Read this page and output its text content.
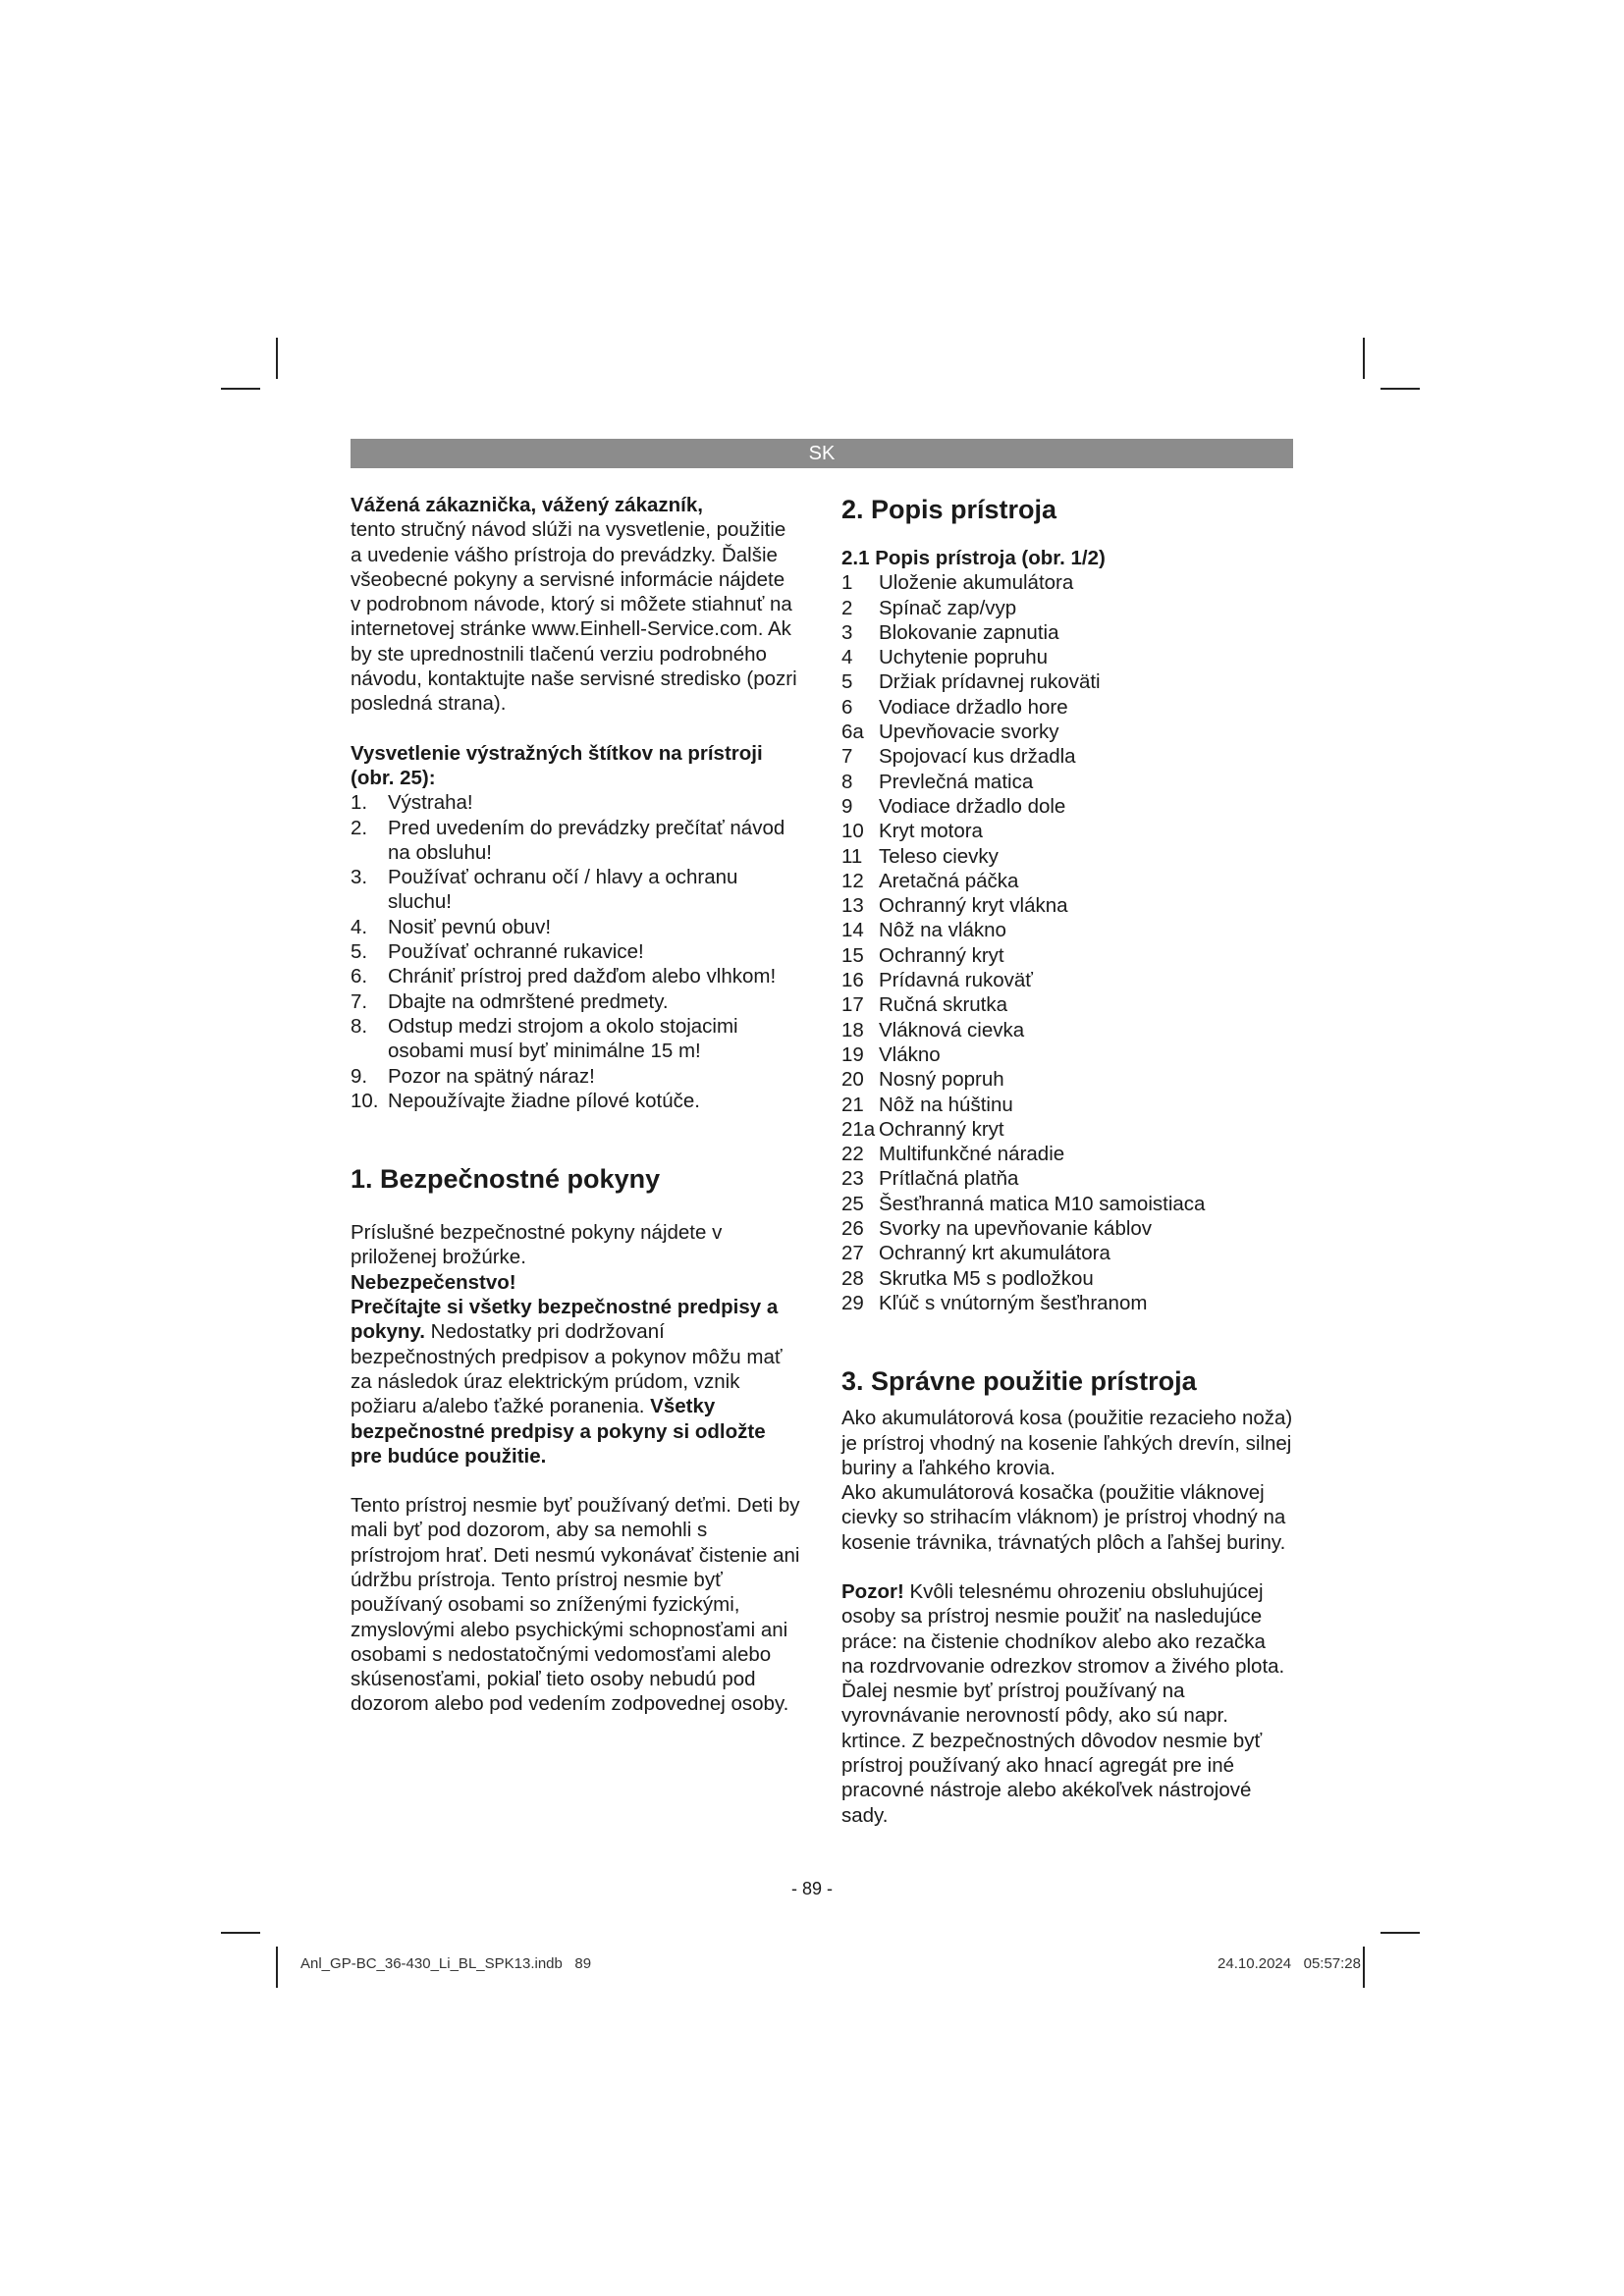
SK

Vážená zákaznička, vážený zákazník,

tento stručný návod slúži na vysvetlenie, použitie a uvedenie vášho prístroja do prevádzky. Ďalšie všeobecné pokyny a servisné informácie nájdete v podrobnom návode, ktorý si môžete stiahnuť na internetovej stránke www.Einhell-Service.com. Ak by ste uprednostnili tlačenú verziu podrobného návodu, kontaktujte naše servisné stredisko (pozri posledná strana).

Vysvetlenie výstražných štítkov na prístroji (obr. 25):
1.	Výstraha!
2.	Pred uvedením do prevádzky prečítať návod na obsluhu!
3.	Používať ochranu očí / hlavy a ochranu sluchu!
4.	Nosiť pevnú obuv!
5.	Používať ochranné rukavice!
6.	Chrániť prístroj pred dažďom alebo vlhkom!
7.	Dbajte na odmrštené predmety.
8.	Odstup medzi strojom a okolo stojacimi osobami musí byť minimálne 15 m!
9.	Pozor na spätný náraz!
10. Nepoužívajte žiadne pílové kotúče.
1. Bezpečnostné pokyny

Príslušné bezpečnostné pokyny nájdete v priloženej brožúrke.

Nebezpečenstvo!

Prečítajte si všetky bezpečnostné predpisy a pokyny. Nedostatky pri dodržovaní bezpečnostných predpisov a pokynov môžu mať za následok úraz elektrickým prúdom, vznik požiaru a/alebo ťažké poranenia. Všetky bezpečnostné predpisy a pokyny si odložte pre budúce použitie.

Tento prístroj nesmie byť používaný deťmi. Deti by mali byť pod dozorom, aby sa nemohli s prístrojom hrať. Deti nesmú vykonávať čistenie ani údržbu prístroja. Tento prístroj nesmie byť používaný osobami so zníženými fyzickými, zmyslovými alebo psychickými schopnosťami ani osobami s nedostatočnými vedomosťami alebo skúsenosťami, pokiaľ tieto osoby nebudú pod dozorom alebo pod vedením zodpovednej osoby.

2. Popis prístroja
2.1 Popis prístroja (obr. 1/2)
1	Uloženie akumulátora
2	Spínač zap/vyp
3	Blokovanie zapnutia
4	Uchytenie popruhu
5	Držiak prídavnej rukoväti
6	Vodiace držadlo hore
6a Upevňovacie svorky
7	Spojovací kus držadla
8	Prevlečná matica
9	Vodiace držadlo dole
10 Kryt motora
11 Teleso cievky
12 Aretačná páčka
13 Ochranný kryt vlákna
14 Nôž na vlákno
15 Ochranný kryt
16 Prídavná rukoväť
17 Ručná skrutka
18 Vláknová cievka
19 Vlákno
20 Nosný popruh
21 Nôž na húštinu
21a Ochranný kryt
22 Multifunkčné náradie
23 Prítlačná platňa
25 Šesťhranná matica M10 samoistiaca
26 Svorky na upevňovanie káblov
27 Ochranný krt akumulátora
28 Skrutka M5 s podložkou
29 Kľúč s vnútorným šesťhranom
3. Správne použitie prístroja

Ako akumulátorová kosa (použitie rezacieho noža) je prístroj vhodný na kosenie ľahkých drevín, silnej buriny a ľahkého krovia.

Ako akumulátorová kosačka (použitie vláknovej cievky so strihacím vláknom) je prístroj vhodný na kosenie trávnika, trávnatých plôch a ľahšej buriny.

Pozor! Kvôli telesnému ohrozeniu obsluhujúcej osoby sa prístroj nesmie použiť na nasledujúce práce: na čistenie chodníkov alebo ako rezačka na rozdrvovanie odrezkov stromov a živého plota. Ďalej nesmie byť prístroj používaný na vyrovnávanie nerovností pôdy, ako sú napr. krtince. Z bezpečnostných dôvodov nesmie byť prístroj používaný ako hnací agregát pre iné pracovné nástroje alebo akékoľvek nástrojové sady.

- 89 -
Anl_GP-BC_36-430_Li_BL_SPK13.indb   89	24.10.2024   05:57:28
